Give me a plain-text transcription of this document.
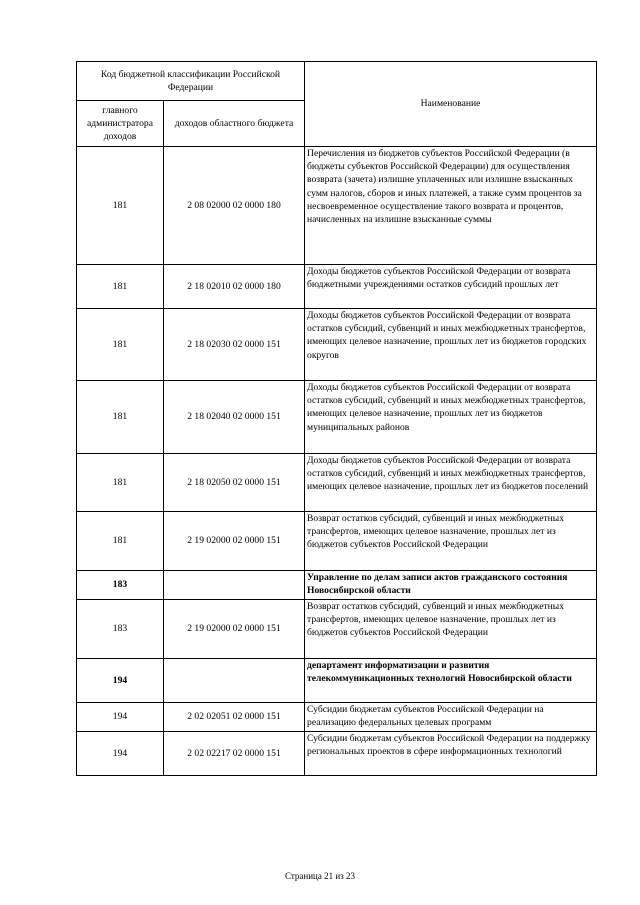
Код бюджетной классификации Российской Федерации		Наименование
главного администратора доходов	доходов областного бюджета	
181	2 08 02000 02 0000 180	Перечисления из бюджетов субъектов Российской Федерации (в бюджеты субъектов Российской Федерации) для осуществления возврата (зачета) излишне уплаченных или излишне взысканных сумм налогов, сборов и иных платежей, а также сумм процентов за несвоевременное осуществление такого возврата и процентов, начисленных на излишне взысканные суммы
181	2 18 02010 02 0000 180	Доходы бюджетов субъектов Российской Федерации от возврата бюджетными учреждениями остатков субсидий прошлых лет
181	2 18 02030 02 0000 151	Доходы бюджетов субъектов Российской Федерации от возврата остатков субсидий, субвенций и иных межбюджетных трансфертов, имеющих целевое назначение, прошлых лет из бюджетов городских округов
181	2 18 02040 02 0000 151	Доходы бюджетов субъектов Российской Федерации от возврата остатков субсидий, субвенций и иных межбюджетных трансфертов, имеющих целевое назначение, прошлых лет из бюджетов муниципальных районов
181	2 18 02050 02 0000 151	Доходы бюджетов субъектов Российской Федерации от возврата остатков субсидий, субвенций и иных межбюджетных трансфертов, имеющих целевое назначение, прошлых лет из бюджетов поселений
181	2 19 02000 02 0000 151	Возврат остатков субсидий, субвенций и иных межбюджетных трансфертов, имеющих целевое назначение, прошлых лет из бюджетов субъектов Российской Федерации
183		Управление по делам записи актов гражданского состояния Новосибирской области
183	2 19 02000 02 0000 151	Возврат остатков субсидий, субвенций и иных межбюджетных трансфертов, имеющих целевое назначение, прошлых лет из бюджетов субъектов Российской Федерации
194		департамент информатизации и развития телекоммуникационных технологий Новосибирской области
194	2 02 02051 02 0000 151	Субсидии бюджетам субъектов Российской Федерации на реализацию федеральных целевых программ
194	2 02 02217 02 0000 151	Субсидии бюджетам субъектов Российской Федерации на поддержку региональных проектов в сфере информационных технологий
Страница 21 из 23
